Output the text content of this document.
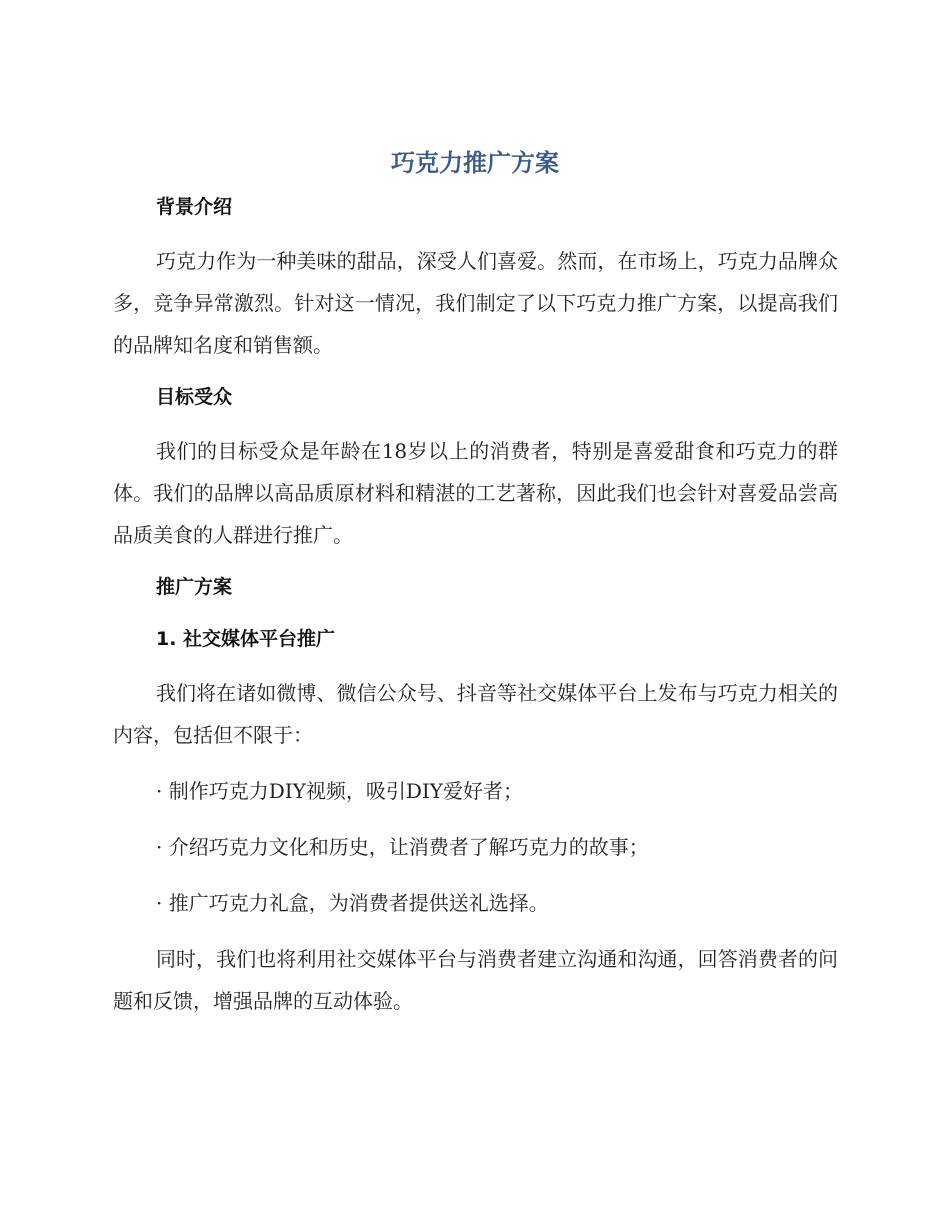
巧克力推广方案
背景介绍

巧克力作为一种美味的甜品，深受人们喜爱。然而，在市场上，巧克力品牌众多，竞争异常激烈。针对这一情况，我们制定了以下巧克力推广方案，以提高我们的品牌知名度和销售额。

目标受众

我们的目标受众是年龄在18岁以上的消费者，特别是喜爱甜食和巧克力的群体。我们的品牌以高品质原材料和精湛的工艺著称，因此我们也会针对喜爱品尝高品质美食的人群进行推广。

推广方案
1. 社交媒体平台推广

我们将在诸如微博、微信公众号、抖音等社交媒体平台上发布与巧克力相关的内容，包括但不限于：

· 制作巧克力DIY视频，吸引DIY爱好者；

· 介绍巧克力文化和历史，让消费者了解巧克力的故事；

· 推广巧克力礼盒，为消费者提供送礼选择。

同时，我们也将利用社交媒体平台与消费者建立沟通和沟通，回答消费者的问题和反馈，增强品牌的互动体验。
